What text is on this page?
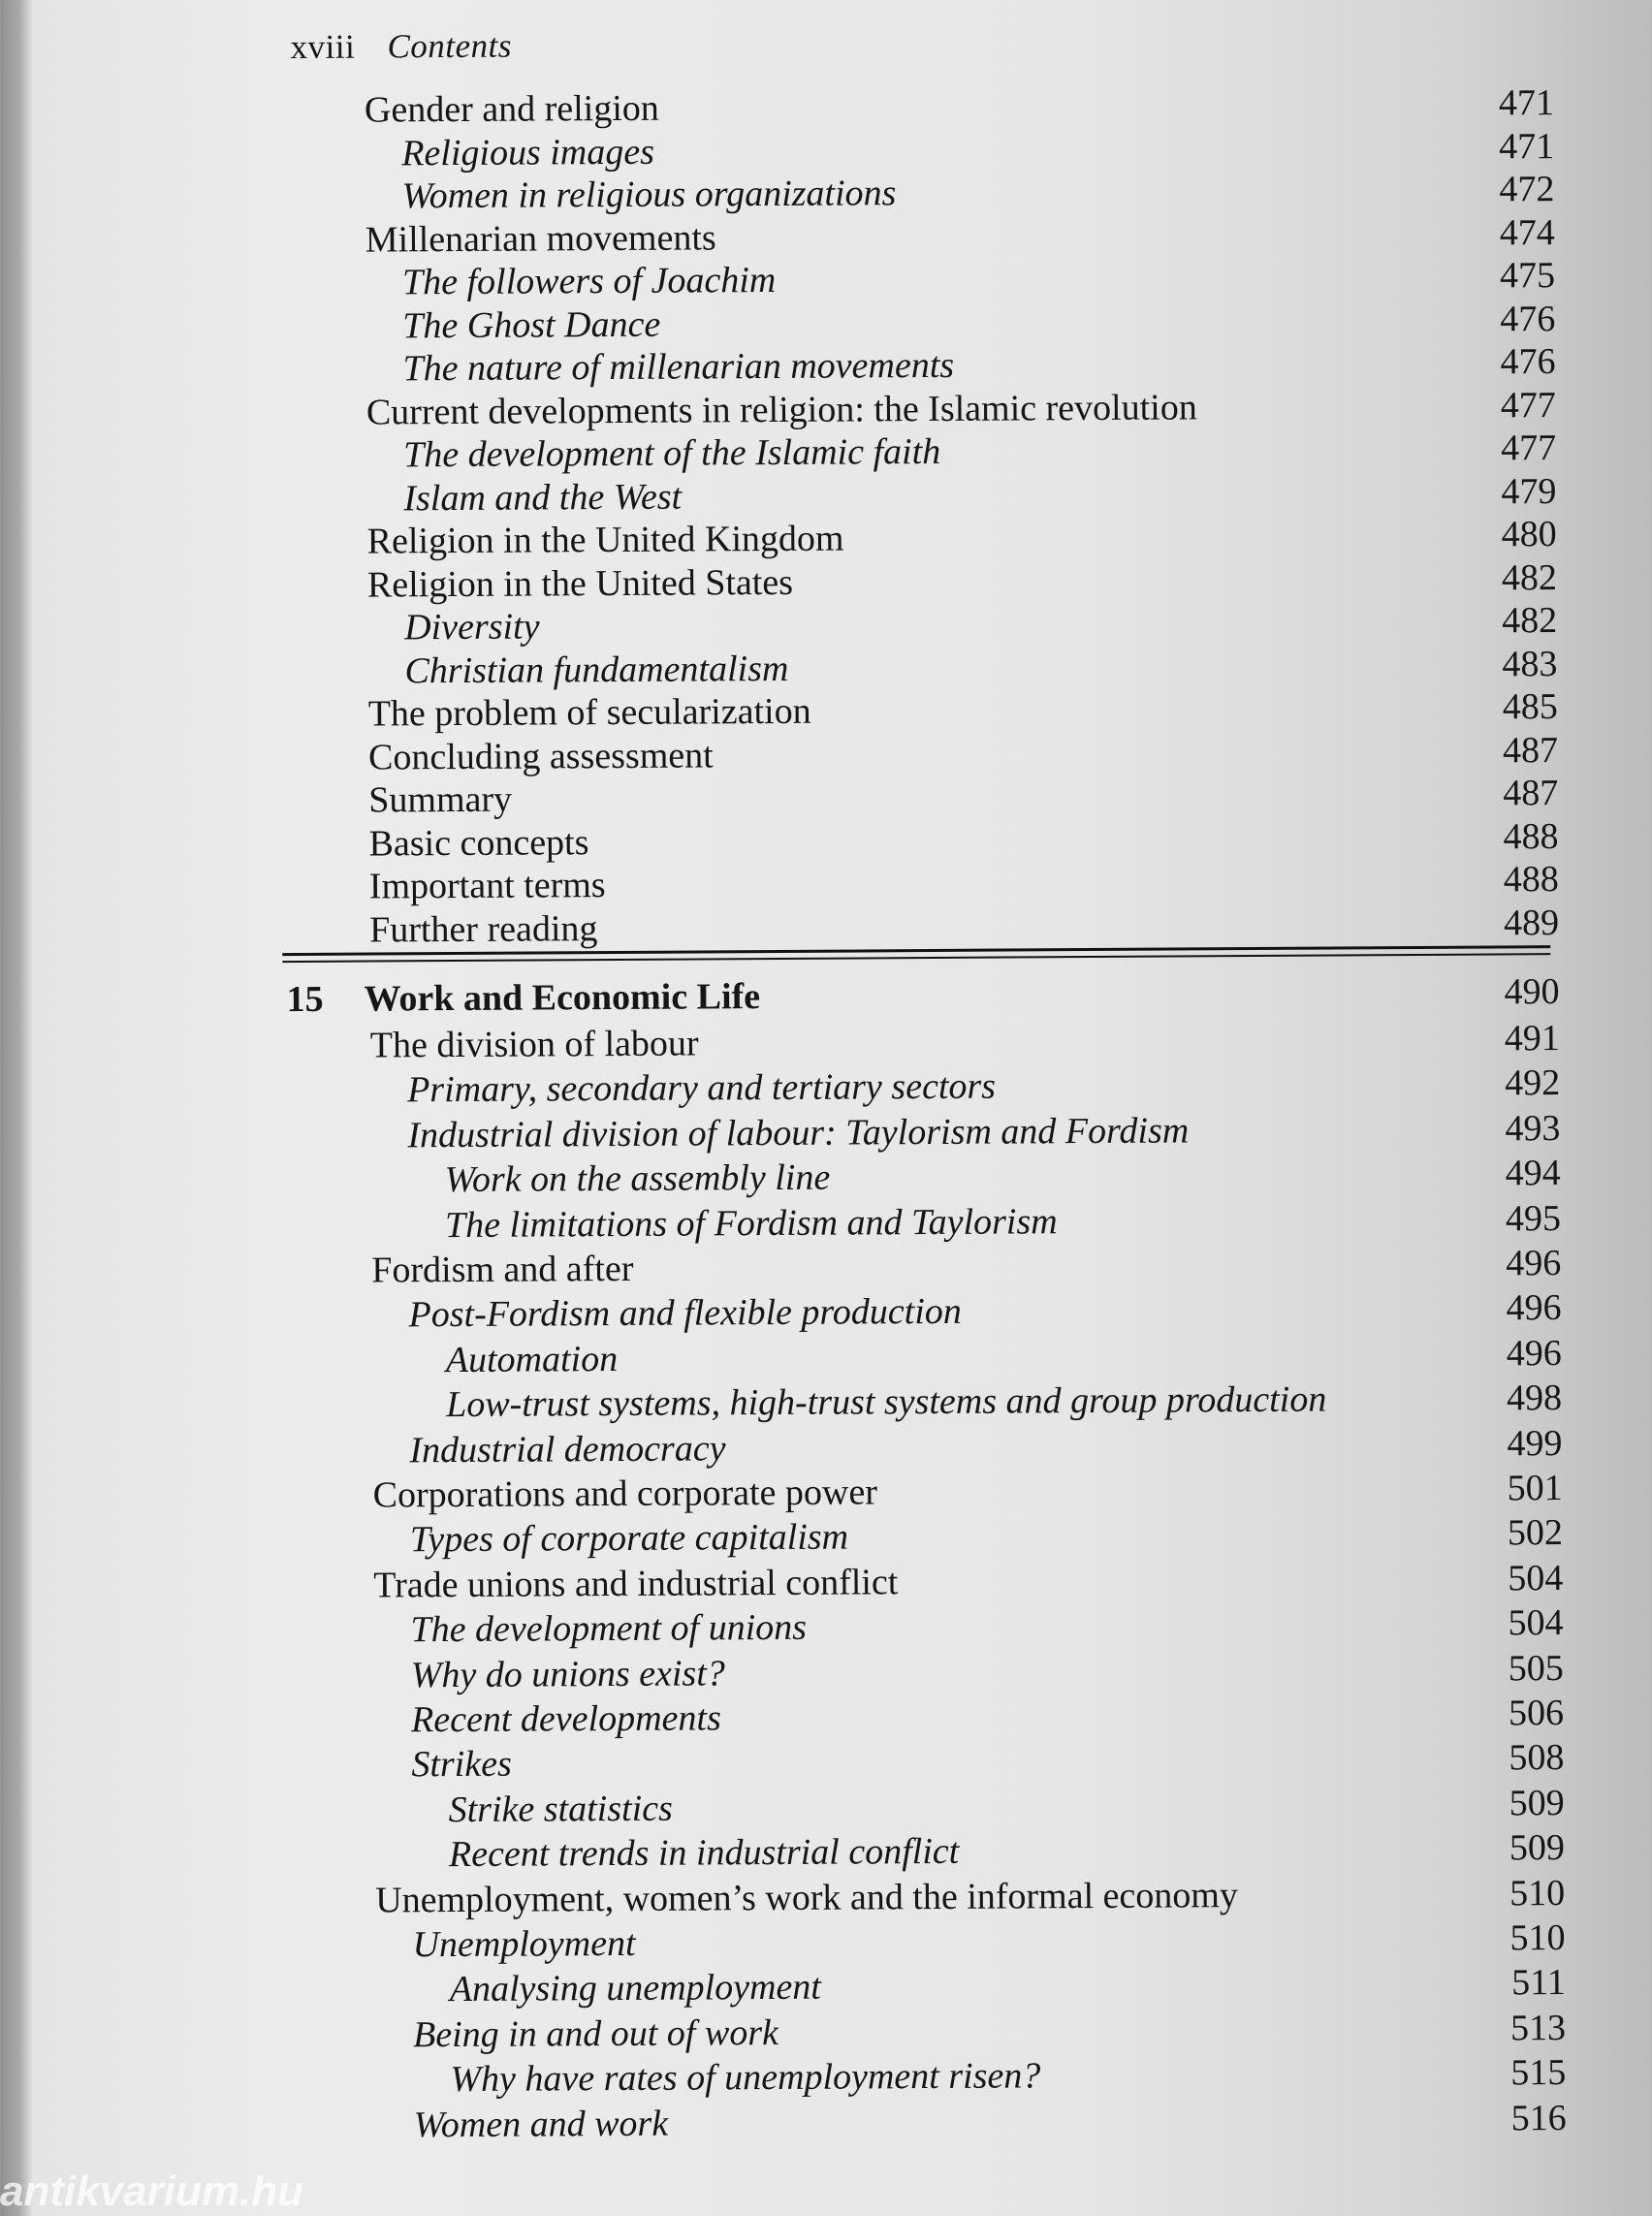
xviii Contents
Gender and religion	471
Religious images	471
Women in religious organizations	472
Millenarian movements	474
The followers of Joachim	475
The Ghost Dance	476
The nature of millenarian movements	476
Current developments in religion: the Islamic revolution	477
The development of the Islamic faith	477
Islam and the West	479
Religion in the United Kingdom	480
Religion in the United States	482
Diversity	482
Christian fundamentalism	483
The problem of secularization	485
Concluding assessment	487
Summary	487
Basic concepts	488
Important terms	488
Further reading	489
15 Work and Economic Life	490
The division of labour	491
Primary, secondary and tertiary sectors	492
Industrial division of labour: Taylorism and Fordism	493
Work on the assembly line	494
The limitations of Fordism and Taylorism	495
Fordism and after	496
Post-Fordism and flexible production	496
Automation	496
Low-trust systems, high-trust systems and group production	498
Industrial democracy	499
Corporations and corporate power	501
Types of corporate capitalism	502
Trade unions and industrial conflict	504
The development of unions	504
Why do unions exist?	505
Recent developments	506
Strikes	508
Strike statistics	509
Recent trends in industrial conflict	509
Unemployment, women’s work and the informal economy	510
Unemployment	510
Analysing unemployment	511
Being in and out of work	513
Why have rates of unemployment risen?	515
Women and work	516
antikvarium.hu
